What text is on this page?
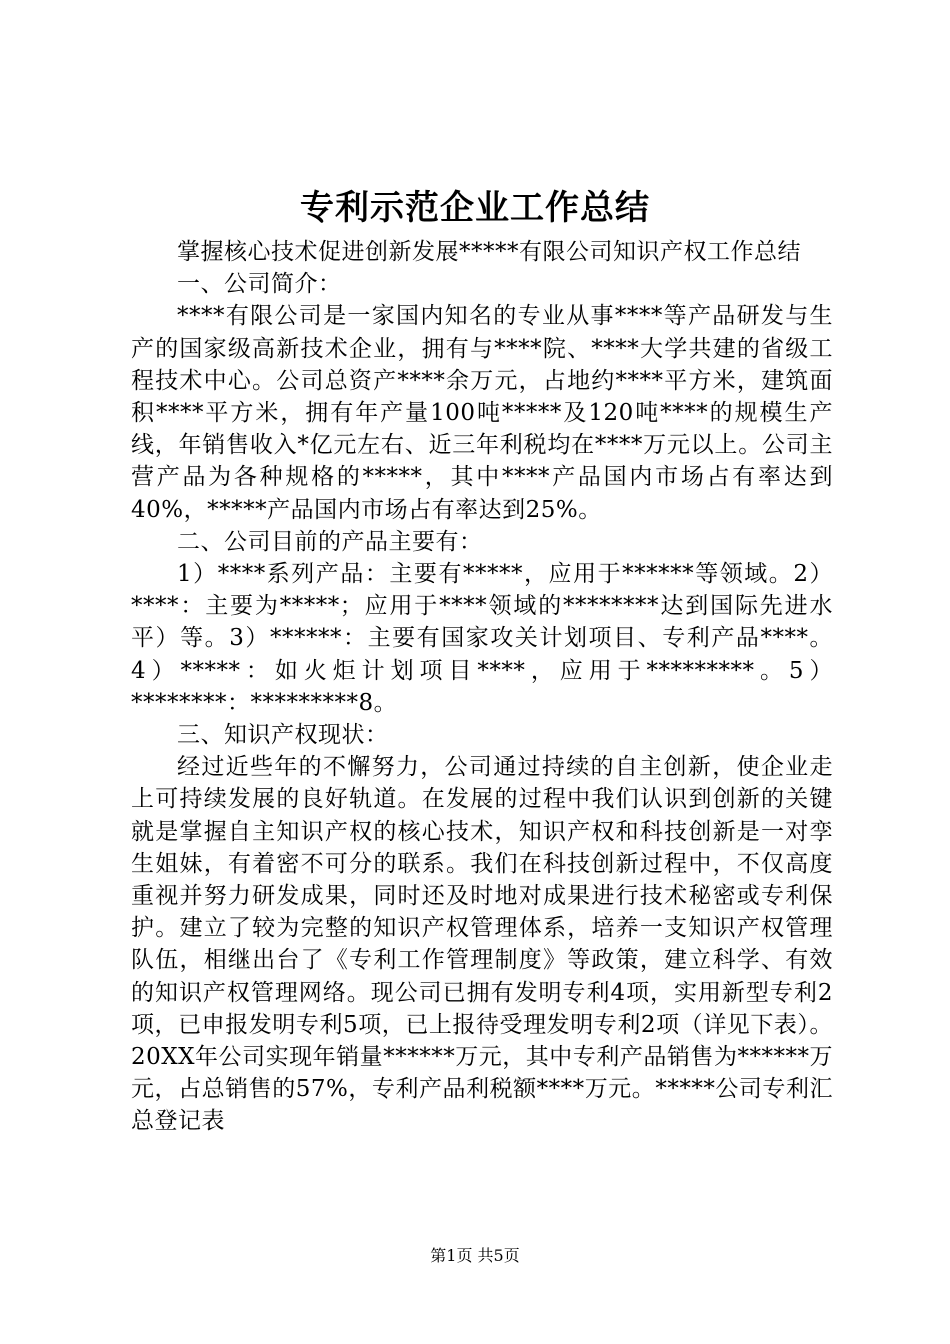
专利示范企业工作总结

掌握核心技术促进创新发展*****有限公司知识产权工作总结

一、公司简介：

****有限公司是一家国内知名的专业从事****等产品研发与生产的国家级高新技术企业，拥有与****院、****大学共建的省级工程技术中心。公司总资产****余万元，占地约****平方米，建筑面积****平方米，拥有年产量100吨*****及120吨****的规模生产线，年销售收入*亿元左右、近三年利税均在****万元以上。公司主营产品为各种规格的*****，其中****产品国内市场占有率达到40%，*****产品国内市场占有率达到25%。

二、公司目前的产品主要有：

1）****系列产品：主要有*****，应用于******等领域。2）****：主要为*****；应用于****领域的********达到国际先进水平）等。3）******：主要有国家攻关计划项目、专利产品****。4）*****：如火炬计划项目****，应用于*********。5）********：*********8。

三、知识产权现状：

经过近些年的不懈努力，公司通过持续的自主创新，使企业走上可持续发展的良好轨道。在发展的过程中我们认识到创新的关键就是掌握自主知识产权的核心技术，知识产权和科技创新是一对孪生姐妹，有着密不可分的联系。我们在科技创新过程中，不仅高度重视并努力研发成果，同时还及时地对成果进行技术秘密或专利保护。建立了较为完整的知识产权管理体系，培养一支知识产权管理队伍，相继出台了《专利工作管理制度》等政策，建立科学、有效的知识产权管理网络。现公司已拥有发明专利4项，实用新型专利2项，已申报发明专利5项，已上报待受理发明专利2项（详见下表）。20XX年公司实现年销量******万元，其中专利产品销售为******万元，占总销售的57%，专利产品利税额****万元。*****公司专利汇总登记表

第1页 共5页
